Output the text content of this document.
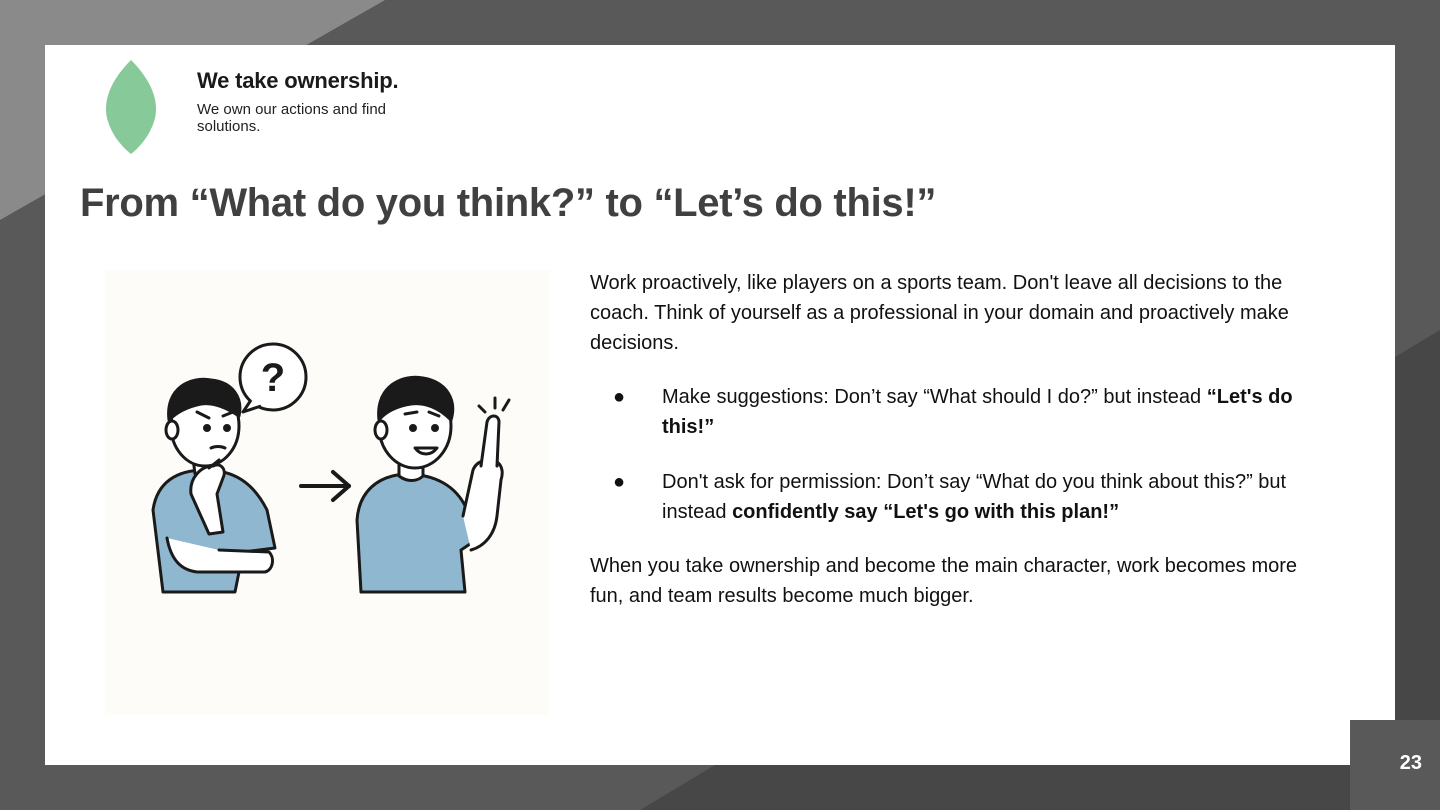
We take ownership.
We own our actions and find solutions.
From “What do you think?” to “Let’s do this!”
?

Work proactively, like players on a sports team. Don't leave all decisions to the coach. Think of yourself as a professional in your domain and proactively make decisions.

● Make suggestions: Don’t say “What should I do?” but instead “Let's do this!”
● Don't ask for permission: Don’t say “What do you think about this?” but instead confidently say “Let's go with this plan!”

When you take ownership and become the main character, work becomes more fun, and team results become much bigger.

23
